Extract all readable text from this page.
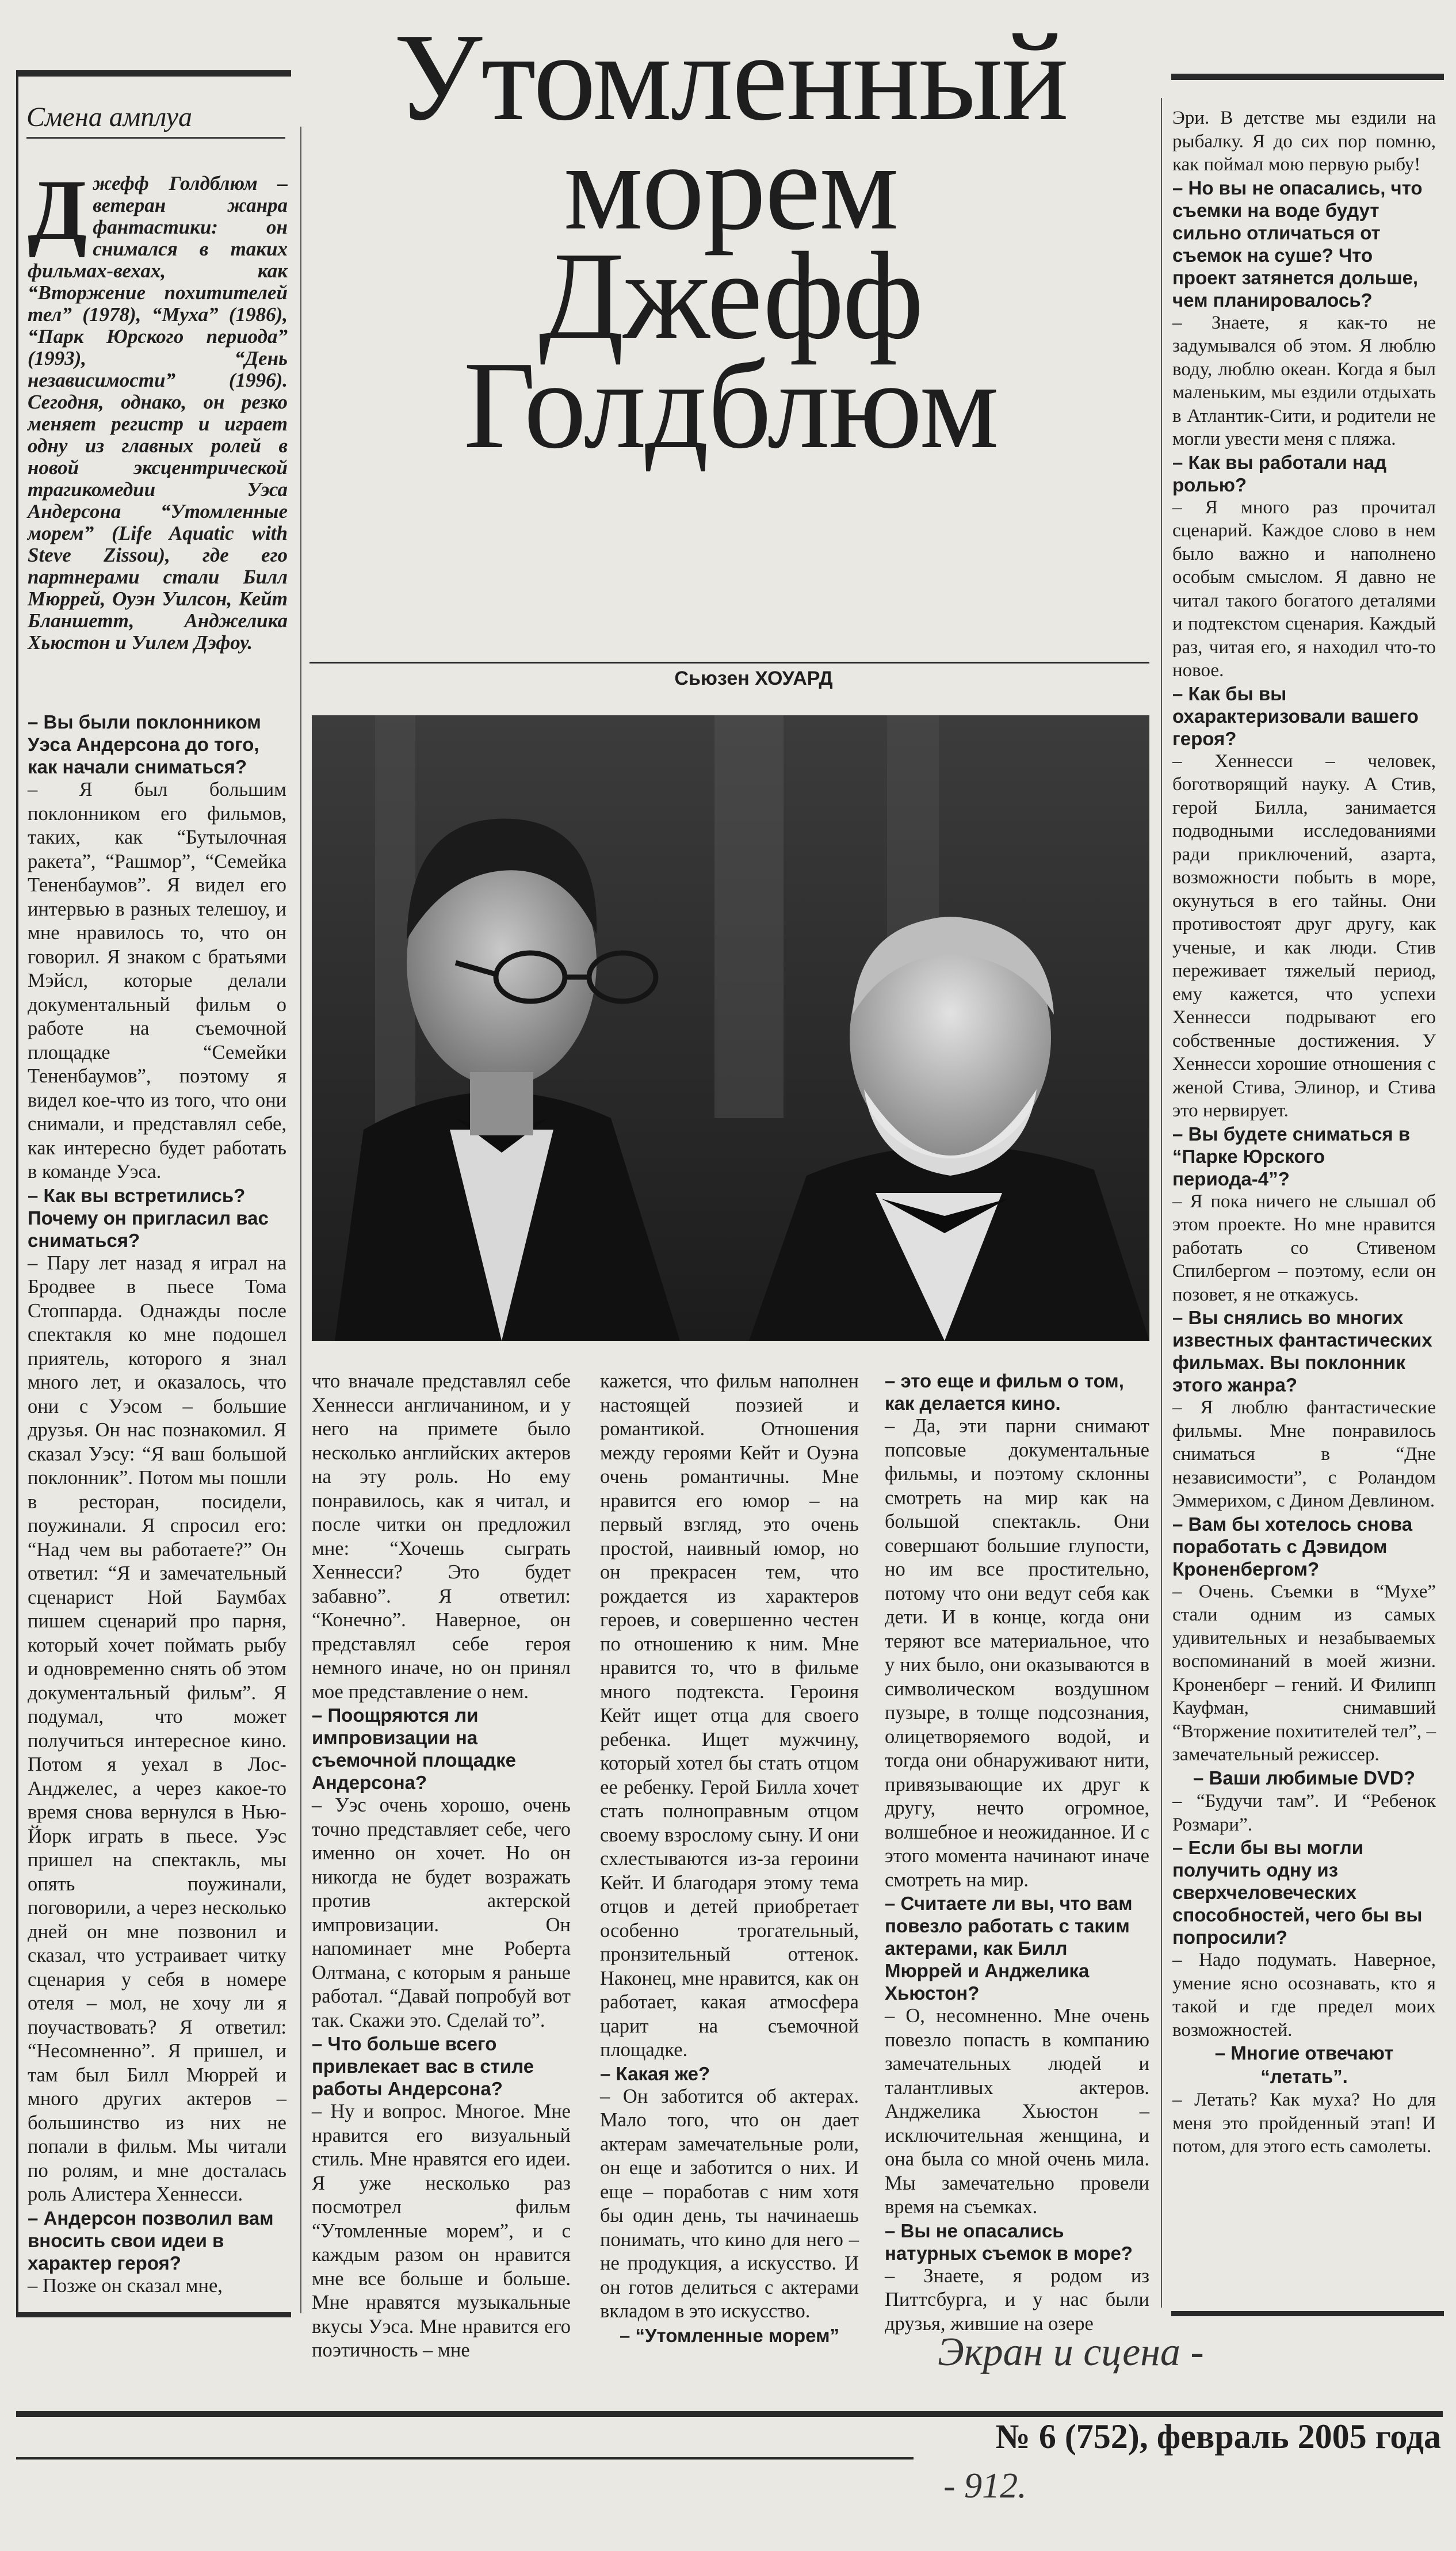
Смена амплуа	Утомленный
морем
Джефф
Голдблюм
Сьюзен ХОУАРД
Джефф Голдблюм – ветеран жанра фантастики: он снимался в таких фильмах-вехах, как “Вторжение похитителей тел” (1978), “Муха” (1986), “Парк Юрского периода” (1993), “День независимости” (1996). Сегодня, однако, он резко меняет регистр и играет одну из главных ролей в новой эксцентрической трагикомедии Уэса Андерсона “Утомленные морем” (Life Aquatic with Steve Zissou), где его партнерами стали Билл Мюррей, Оуэн Уилсон, Кейт Бланшетт, Анджелика Хьюстон и Уилем Дэфоу.

– Вы были поклонником Уэса Андерсона до того, как начали сниматься?

– Я был большим поклонником его фильмов, таких, как “Бутылочная ракета”, “Рашмор”, “Семейка Тененбаумов”. Я видел его интервью в разных телешоу, и мне нравилось то, что он говорил. Я знаком с братьями Мэйсл, которые делали документальный фильм о работе на съемочной площадке “Семейки Тененбаумов”, поэтому я видел кое-что из того, что они снимали, и представлял себе, как интересно будет работать в команде Уэса.

– Как вы встретились? Почему он пригласил вас сниматься?

– Пару лет назад я играл на Бродвее в пьесе Тома Стоппарда. Однажды после спектакля ко мне подошел приятель, которого я знал много лет, и оказалось, что они с Уэсом – большие друзья. Он нас познакомил. Я сказал Уэсу: “Я ваш большой поклонник”. Потом мы пошли в ресторан, посидели, поужинали. Я спросил его: “Над чем вы работаете?” Он ответил: “Я и замечательный сценарист Ной Баумбах пишем сценарий про парня, который хочет поймать рыбу и одновременно снять об этом документальный фильм”. Я подумал, что может получиться интересное кино. Потом я уехал в Лос-Анджелес, а через какое-то время снова вернулся в Нью-Йорк играть в пьесе. Уэс пришел на спектакль, мы опять поужинали, поговорили, а через несколько дней он мне позвонил и сказал, что устраивает читку сценария у себя в номере отеля – мол, не хочу ли я поучаствовать? Я ответил: “Несомненно”. Я пришел, и там был Билл Мюррей и много других актеров – большинство из них не попали в фильм. Мы читали по ролям, и мне досталась роль Алистера Хеннесси.

– Андерсон позволил вам вносить свои идеи в характер героя?

– Позже он сказал мне,

что вначале представлял себе Хеннесси англичанином, и у него на примете было несколько английских актеров на эту роль. Но ему понравилось, как я читал, и после читки он предложил мне: “Хочешь сыграть Хеннесси? Это будет забавно”. Я ответил: “Конечно”. Наверное, он представлял себе героя немного иначе, но он принял мое представление о нем.

– Поощряются ли импровизации на съемочной площадке Андерсона?

– Уэс очень хорошо, очень точно представляет себе, чего именно он хочет. Но он никогда не будет возражать против актерской импровизации. Он напоминает мне Роберта Олтмана, с которым я раньше работал. “Давай попробуй вот так. Скажи это. Сделай то”.

– Что больше всего привлекает вас в стиле работы Андерсона?

– Ну и вопрос. Многое. Мне нравится его визуальный стиль. Мне нравятся его идеи. Я уже несколько раз посмотрел фильм “Утомленные морем”, и с каждым разом он нравится мне все больше и больше. Мне нравятся музыкальные вкусы Уэса. Мне нравится его поэтичность – мне

кажется, что фильм наполнен настоящей поэзией и романтикой. Отношения между героями Кейт и Оуэна очень романтичны. Мне нравится его юмор – на первый взгляд, это очень простой, наивный юмор, но он прекрасен тем, что рождается из характеров героев, и совершенно честен по отношению к ним. Мне нравится то, что в фильме много подтекста. Героиня Кейт ищет отца для своего ребенка. Ищет мужчину, который хотел бы стать отцом ее ребенку. Герой Билла хочет стать полноправным отцом своему взрослому сыну. И они схлестываются из-за героини Кейт. И благодаря этому тема отцов и детей приобретает особенно трогательный, пронзительный оттенок. Наконец, мне нравится, как он работает, какая атмосфера царит на съемочной площадке.

– Какая же?

– Он заботится об актерах. Мало того, что он дает актерам замечательные роли, он еще и заботится о них. И еще – поработав с ним хотя бы один день, ты начинаешь понимать, что кино для него – не продукция, а искусство. И он готов делиться с актерами вкладом в это искусство.

– “Утомленные морем”

– это еще и фильм о том, как делается кино.

– Да, эти парни снимают попсовые документальные фильмы, и поэтому склонны смотреть на мир как на большой спектакль. Они совершают большие глупости, но им все простительно, потому что они ведут себя как дети. И в конце, когда они теряют все материальное, что у них было, они оказываются в символическом воздушном пузыре, в толще подсознания, олицетворяемого водой, и тогда они обнаруживают нити, привязывающие их друг к другу, нечто огромное, волшебное и неожиданное. И с этого момента начинают иначе смотреть на мир.

– Считаете ли вы, что вам повезло работать с таким актерами, как Билл Мюррей и Анджелика Хьюстон?

– О, несомненно. Мне очень повезло попасть в компанию замечательных людей и талантливых актеров. Анджелика Хьюстон – исключительная женщина, и она была со мной очень мила. Мы замечательно провели время на съемках.

– Вы не опасались натурных съемок в море?

– Знаете, я родом из Питтсбурга, и у нас были друзья, жившие на озере

Эри. В детстве мы ездили на рыбалку. Я до сих пор помню, как поймал мою первую рыбу!

– Но вы не опасались, что съемки на воде будут сильно отличаться от съемок на суше? Что проект затянется дольше, чем планировалось?

– Знаете, я как-то не задумывался об этом. Я люблю воду, люблю океан. Когда я был маленьким, мы ездили отдыхать в Атлантик-Сити, и родители не могли увести меня с пляжа.

– Как вы работали над ролью?

– Я много раз прочитал сценарий. Каждое слово в нем было важно и наполнено особым смыслом. Я давно не читал такого богатого деталями и подтекстом сценария. Каждый раз, читая его, я находил что-то новое.

– Как бы вы охарактеризовали вашего героя?

– Хеннесси – человек, боготворящий науку. А Стив, герой Билла, занимается подводными исследованиями ради приключений, азарта, возможности побыть в море, окунуться в его тайны. Они противостоят друг другу, как ученые, и как люди. Стив переживает тяжелый период, ему кажется, что успехи Хеннесси подрывают его собственные достижения. У Хеннесси хорошие отношения с женой Стива, Элинор, и Стива это нервирует.

– Вы будете сниматься в “Парке Юрского периода-4”?

– Я пока ничего не слышал об этом проекте. Но мне нравится работать со Стивеном Спилбергом – поэтому, если он позовет, я не откажусь.

– Вы снялись во многих известных фантастических фильмах. Вы поклонник этого жанра?

– Я люблю фантастические фильмы. Мне понравилось сниматься в “Дне независимости”, с Роландом Эммерихом, с Дином Девлином.

– Вам бы хотелось снова поработать с Дэвидом Кроненбергом?

– Очень. Съемки в “Мухе” стали одним из самых удивительных и незабываемых воспоминаний в моей жизни. Кроненберг – гений. И Филипп Кауфман, снимавший “Вторжение похитителей тел”, – замечательный режиссер.

– Ваши любимые DVD?

– “Будучи там”. И “Ребенок Розмари”.

– Если бы вы могли получить одну из сверхчеловеческих способностей, чего бы вы попросили?

– Надо подумать. Наверное, умение ясно осознавать, кто я такой и где предел моих возможностей.

– Многие отвечают “летать”.

– Летать? Как муха? Но для меня это пройденный этап! И потом, для этого есть самолеты.

Экран и сцена -
№ 6 (752), февраль 2005 года
- 912.
